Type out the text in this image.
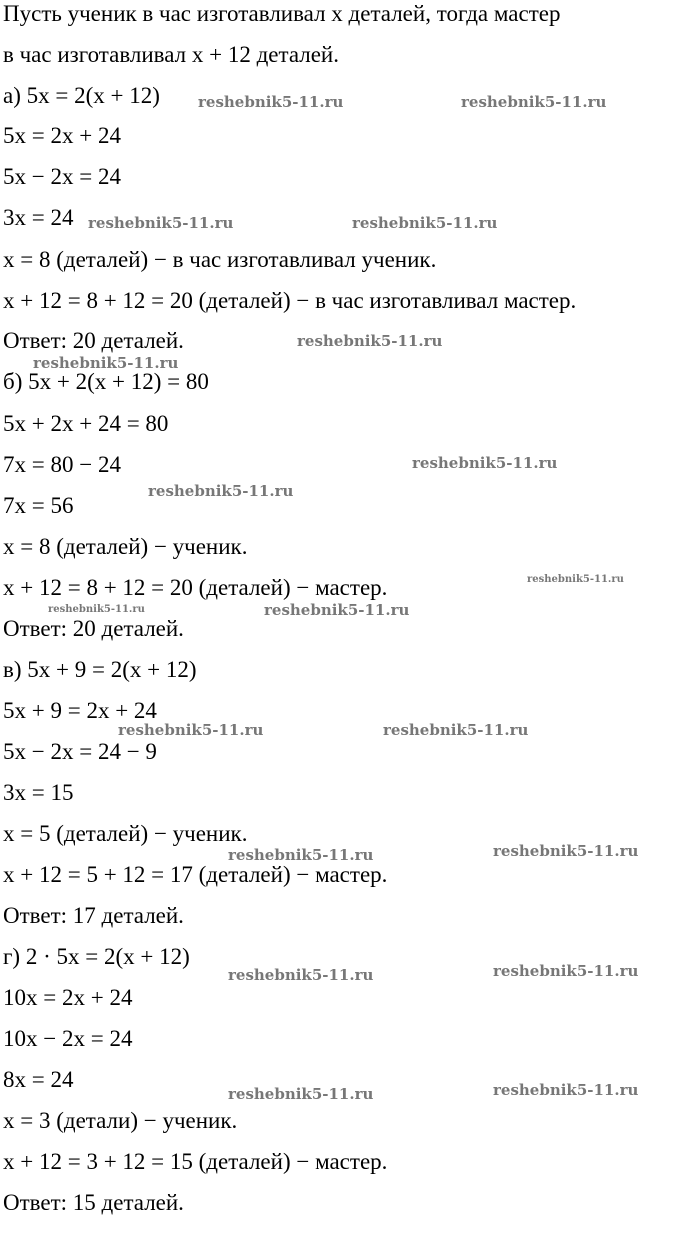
Пусть ученик в час изготавливал x деталей, тогда мастер
в час изготавливал x + 12 деталей.
а) 5x = 2(x + 12)
5x = 2x + 24
5x − 2x = 24
3x = 24
x = 8 (деталей) − в час изготавливал ученик.
x + 12 = 8 + 12 = 20 (деталей) − в час изготавливал мастер.
Ответ: 20 деталей.
б) 5x + 2(x + 12) = 80
5x + 2x + 24 = 80
7x = 80 − 24
7x = 56
x = 8 (деталей) − ученик.
x + 12 = 8 + 12 = 20 (деталей) − мастер.
Ответ: 20 деталей.
в) 5x + 9 = 2(x + 12)
5x + 9 = 2x + 24
5x − 2x = 24 − 9
3x = 15
x = 5 (деталей) − ученик.
x + 12 = 5 + 12 = 17 (деталей) − мастер.
Ответ: 17 деталей.
г) 2 · 5x = 2(x + 12)
10x = 2x + 24
10x − 2x = 24
8x = 24
x = 3 (детали) − ученик.
x + 12 = 3 + 12 = 15 (деталей) − мастер.
Ответ: 15 деталей.
reshebnik5-11.ru	reshebnik5-11.ru
reshebnik5-11.ru	reshebnik5-11.ru
reshebnik5-11.ru
reshebnik5-11.ru
reshebnik5-11.ru
reshebnik5-11.ru
reshebnik5-11.ru
reshebnik5-11.ru	reshebnik5-11.ru
reshebnik5-11.ru	reshebnik5-11.ru
reshebnik5-11.ru	reshebnik5-11.ru
reshebnik5-11.ru	reshebnik5-11.ru
reshebnik5-11.ru	reshebnik5-11.ru
